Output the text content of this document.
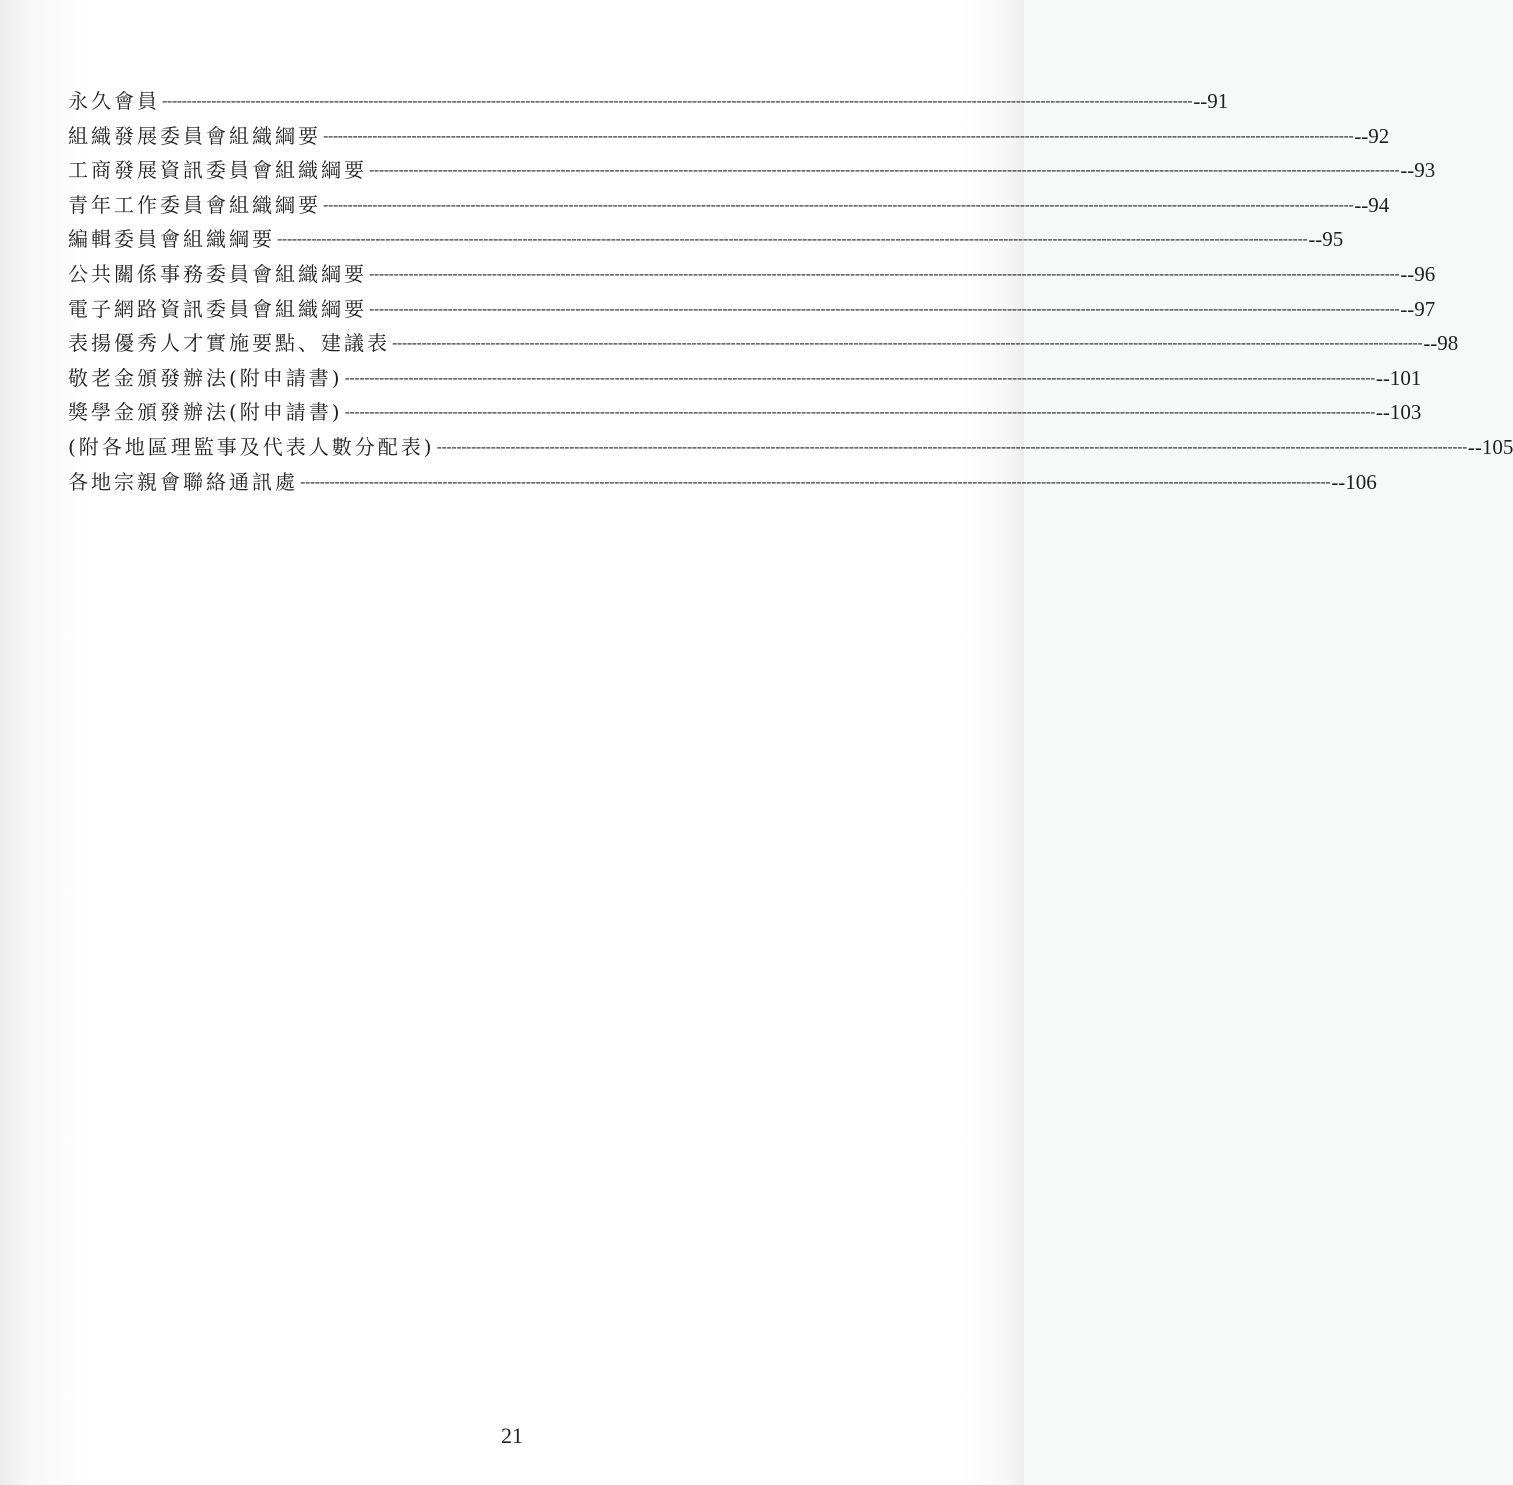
永久會員 ------------------------------------------------------------------------------------------------------------------------------------------------------------------------------------------------------------------ --91
組織發展委員會組織綱要 ------------------------------------------------------------------------------------------------------------------------------------------------------------------------------------------------------------------ --92
工商發展資訊委員會組織綱要 ------------------------------------------------------------------------------------------------------------------------------------------------------------------------------------------------------------------ --93
青年工作委員會組織綱要 ------------------------------------------------------------------------------------------------------------------------------------------------------------------------------------------------------------------ --94
編輯委員會組織綱要 ------------------------------------------------------------------------------------------------------------------------------------------------------------------------------------------------------------------ --95
公共關係事務委員會組織綱要 ------------------------------------------------------------------------------------------------------------------------------------------------------------------------------------------------------------------ --96
電子網路資訊委員會組織綱要 ------------------------------------------------------------------------------------------------------------------------------------------------------------------------------------------------------------------ --97
表揚優秀人才實施要點、建議表 ------------------------------------------------------------------------------------------------------------------------------------------------------------------------------------------------------------------ --98
敬老金頒發辦法(附申請書) ------------------------------------------------------------------------------------------------------------------------------------------------------------------------------------------------------------------ --101
獎學金頒發辦法(附申請書) ------------------------------------------------------------------------------------------------------------------------------------------------------------------------------------------------------------------ --103
(附各地區理監事及代表人數分配表) ------------------------------------------------------------------------------------------------------------------------------------------------------------------------------------------------------------------ --105
各地宗親會聯絡通訊處 ------------------------------------------------------------------------------------------------------------------------------------------------------------------------------------------------------------------ --106
21
